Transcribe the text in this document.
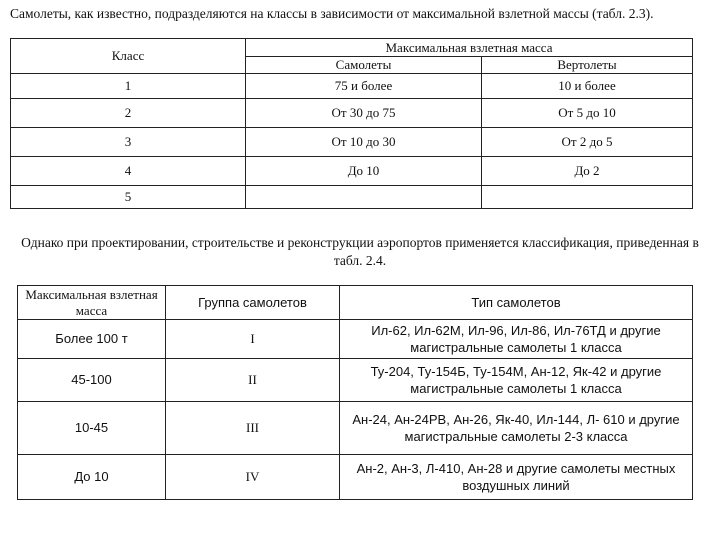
Самолеты, как известно, подразделяются на классы в зависимости от максимальной взлетной массы (табл. 2.3).
Класс	Максимальная взлетная масса	
	Самолеты	Вертолеты
1	75 и более	10 и более
2	От 30 до 75	От 5 до 10
3	От 10 до 30	От 2 до 5
4	До 10	До 2
5		
Однако при проектировании, строительстве и реконструкции аэропортов применяется классификация, приведенная в табл. 2.4.
Максимальная взлетная масса	Группа самолетов	Тип самолетов
Более 100 т	I	Ил-62, Ил-62М, Ил-96, Ил-86, Ил-76ТД и другие магистральные самолеты 1 класса
45-100	II	Ту-204, Ту-154Б, Ту-154М, Ан-12, Як-42 и другие магистральные самолеты 1 класса
10-45	III	Ан-24, Ан-24РВ, Ан-26, Як-40, Ил-144, Л- 610 и другие магистральные самолеты 2-3 класса
До 10	IV	Ан-2, Ан-3, Л-410, Ан-28 и другие самолеты местных воздушных линий
